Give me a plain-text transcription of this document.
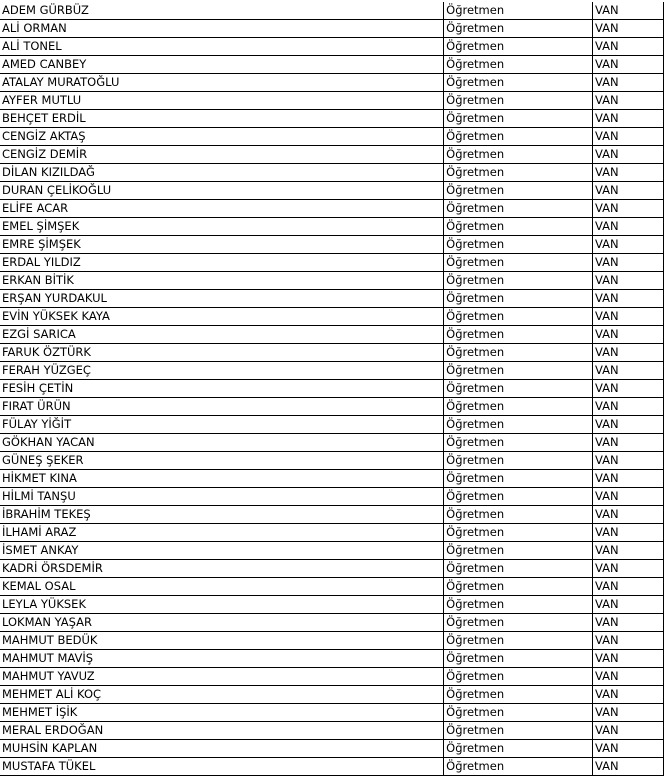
ADEM GÜRBÜZ	Öğretmen	VAN
ALİ ORMAN	Öğretmen	VAN
ALİ TONEL	Öğretmen	VAN
AMED CANBEY	Öğretmen	VAN
ATALAY MURATOĞLU	Öğretmen	VAN
AYFER MUTLU	Öğretmen	VAN
BEHÇET ERDİL	Öğretmen	VAN
CENGİZ AKTAŞ	Öğretmen	VAN
CENGİZ DEMİR	Öğretmen	VAN
DİLAN KIZILDAĞ	Öğretmen	VAN
DURAN ÇELİKOĞLU	Öğretmen	VAN
ELİFE ACAR	Öğretmen	VAN
EMEL ŞİMŞEK	Öğretmen	VAN
EMRE ŞİMŞEK	Öğretmen	VAN
ERDAL YILDIZ	Öğretmen	VAN
ERKAN BİTİK	Öğretmen	VAN
ERŞAN YURDAKUL	Öğretmen	VAN
EVİN YÜKSEK KAYA	Öğretmen	VAN
EZGİ SARICA	Öğretmen	VAN
FARUK ÖZTÜRK	Öğretmen	VAN
FERAH YÜZGEÇ	Öğretmen	VAN
FESİH ÇETİN	Öğretmen	VAN
FIRAT ÜRÜN	Öğretmen	VAN
FÜLAY YİĞİT	Öğretmen	VAN
GÖKHAN YACAN	Öğretmen	VAN
GÜNEŞ ŞEKER	Öğretmen	VAN
HİKMET KINA	Öğretmen	VAN
HİLMİ TANŞU	Öğretmen	VAN
İBRAHİM TEKEŞ	Öğretmen	VAN
İLHAMİ ARAZ	Öğretmen	VAN
İSMET ANKAY	Öğretmen	VAN
KADRİ ÖRSDEMİR	Öğretmen	VAN
KEMAL OSAL	Öğretmen	VAN
LEYLA YÜKSEK	Öğretmen	VAN
LOKMAN YAŞAR	Öğretmen	VAN
MAHMUT BEDÜK	Öğretmen	VAN
MAHMUT MAVİŞ	Öğretmen	VAN
MAHMUT YAVUZ	Öğretmen	VAN
MEHMET ALİ KOÇ	Öğretmen	VAN
MEHMET İŞİK	Öğretmen	VAN
MERAL ERDOĞAN	Öğretmen	VAN
MUHSİN KAPLAN	Öğretmen	VAN
MUSTAFA TÜKEL	Öğretmen	VAN
